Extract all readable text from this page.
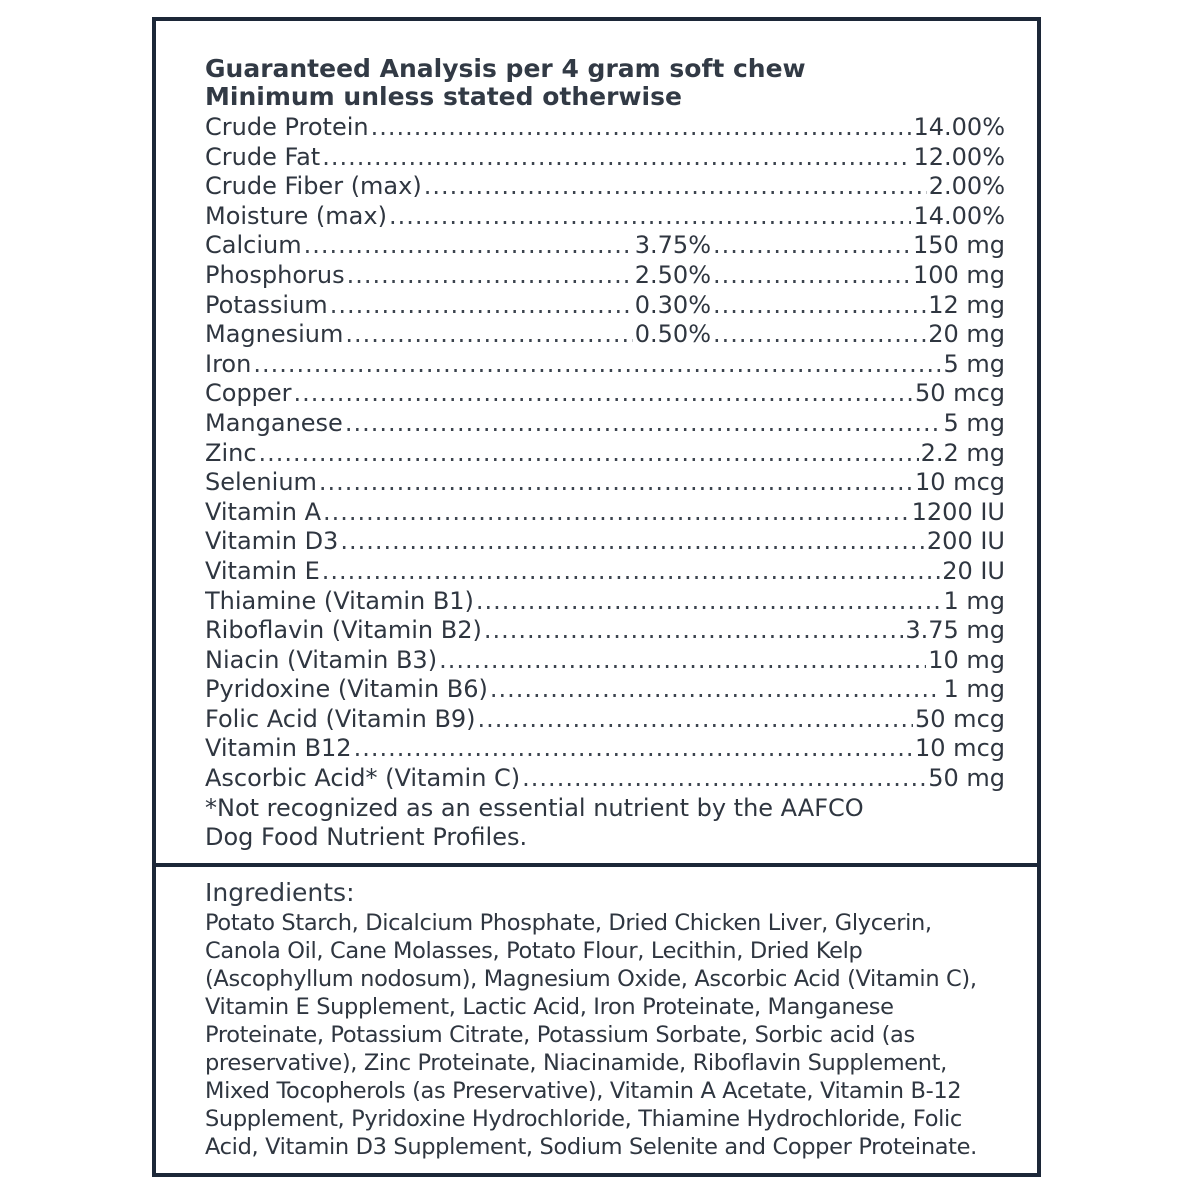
Guaranteed Analysis per 4 gram soft chew
Minimum unless stated otherwise
Crude Protein .....	14.00%
Crude Fat .....	12.00%
Crude Fiber (max) .....	2.00%
Moisture (max) .....	14.00%
Calcium .....	3.75% .....	150 mg
Phosphorus .....	2.50% .....	100 mg
Potassium .....	0.30% .....	12 mg
Magnesium .....	0.50% .....	20 mg
Iron .....	5 mg
Copper .....	50 mcg
Manganese .....	5 mg
Zinc .....	2.2 mg
Selenium .....	10 mcg
Vitamin A .....	1200 IU
Vitamin D3 .....	200 IU
Vitamin E .....	20 IU
Thiamine (Vitamin B1) .....	1 mg
Riboflavin (Vitamin B2) .....	3.75 mg
Niacin (Vitamin B3) .....	10 mg
Pyridoxine (Vitamin B6) .....	1 mg
Folic Acid (Vitamin B9) .....	50 mcg
Vitamin B12 .....	10 mcg
Ascorbic Acid* (Vitamin C) .....	50 mg
*Not recognized as an essential nutrient by the AAFCO Dog Food Nutrient Profiles.
Ingredients:
Potato Starch, Dicalcium Phosphate, Dried Chicken Liver, Glycerin, Canola Oil, Cane Molasses, Potato Flour, Lecithin, Dried Kelp (Ascophyllum nodosum), Magnesium Oxide, Ascorbic Acid (Vitamin C), Vitamin E Supplement, Lactic Acid, Iron Proteinate, Manganese Proteinate, Potassium Citrate, Potassium Sorbate, Sorbic acid (as preservative), Zinc Proteinate, Niacinamide, Riboflavin Supplement, Mixed Tocopherols (as Preservative), Vitamin A Acetate, Vitamin B-12 Supplement, Pyridoxine Hydrochloride, Thiamine Hydrochloride, Folic Acid, Vitamin D3 Supplement, Sodium Selenite and Copper Proteinate.
